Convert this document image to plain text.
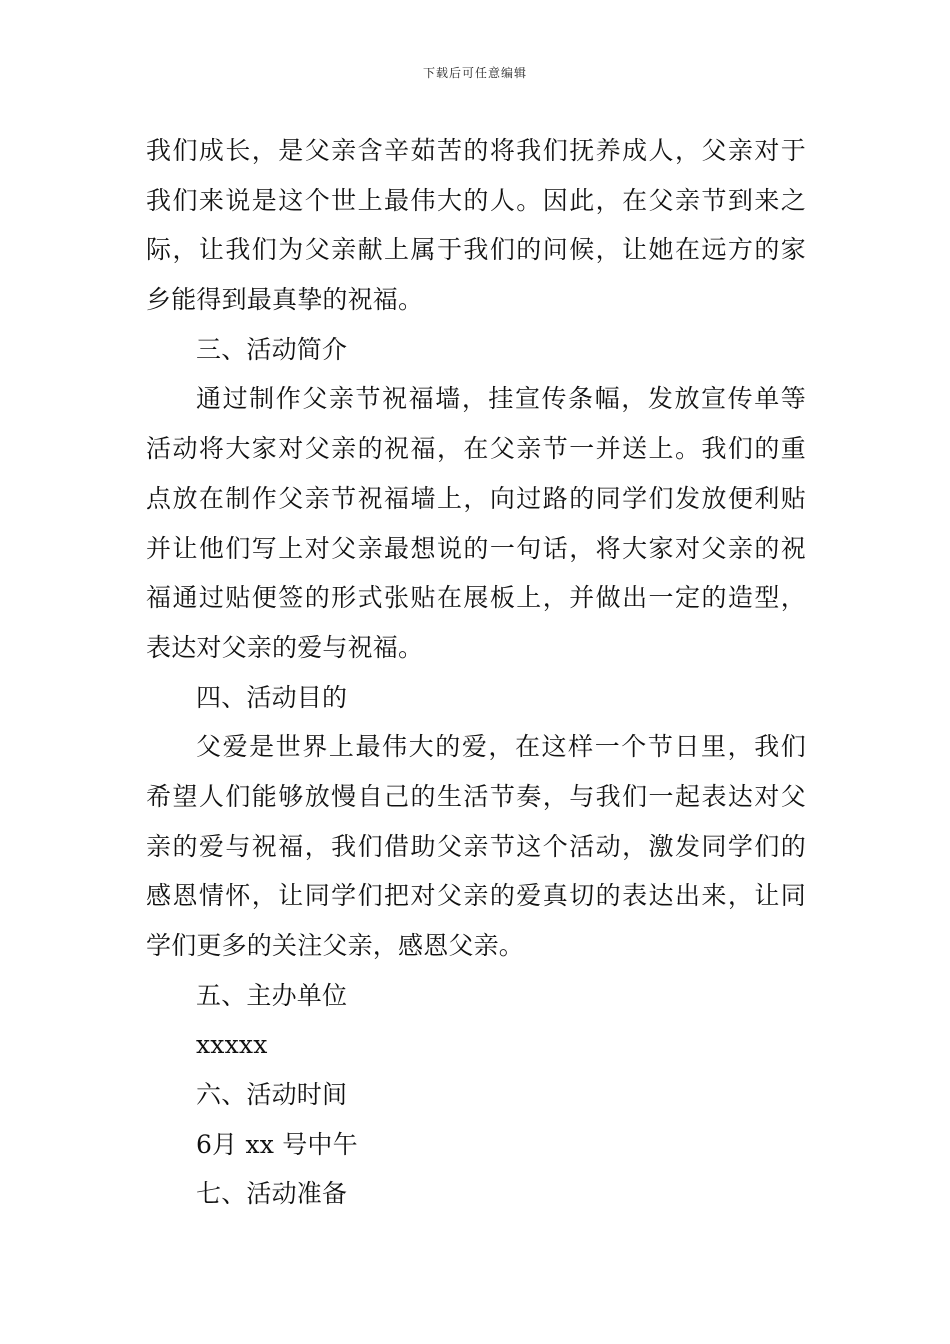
下载后可任意编辑
我们成长，是父亲含辛茹苦的将我们抚养成人，父亲对于
我们来说是这个世上最伟大的人。因此，在父亲节到来之
际，让我们为父亲献上属于我们的问候，让她在远方的家
乡能得到最真挚的祝福。
三、活动简介
通过制作父亲节祝福墙，挂宣传条幅，发放宣传单等
活动将大家对父亲的祝福，在父亲节一并送上。我们的重
点放在制作父亲节祝福墙上，向过路的同学们发放便利贴
并让他们写上对父亲最想说的一句话，将大家对父亲的祝
福通过贴便签的形式张贴在展板上，并做出一定的造型，
表达对父亲的爱与祝福。
四、活动目的
父爱是世界上最伟大的爱，在这样一个节日里，我们
希望人们能够放慢自己的生活节奏，与我们一起表达对父
亲的爱与祝福，我们借助父亲节这个活动，激发同学们的
感恩情怀，让同学们把对父亲的爱真切的表达出来，让同
学们更多的关注父亲，感恩父亲。
五、主办单位
xxxxx
六、活动时间
6月 xx 号中午
七、活动准备
